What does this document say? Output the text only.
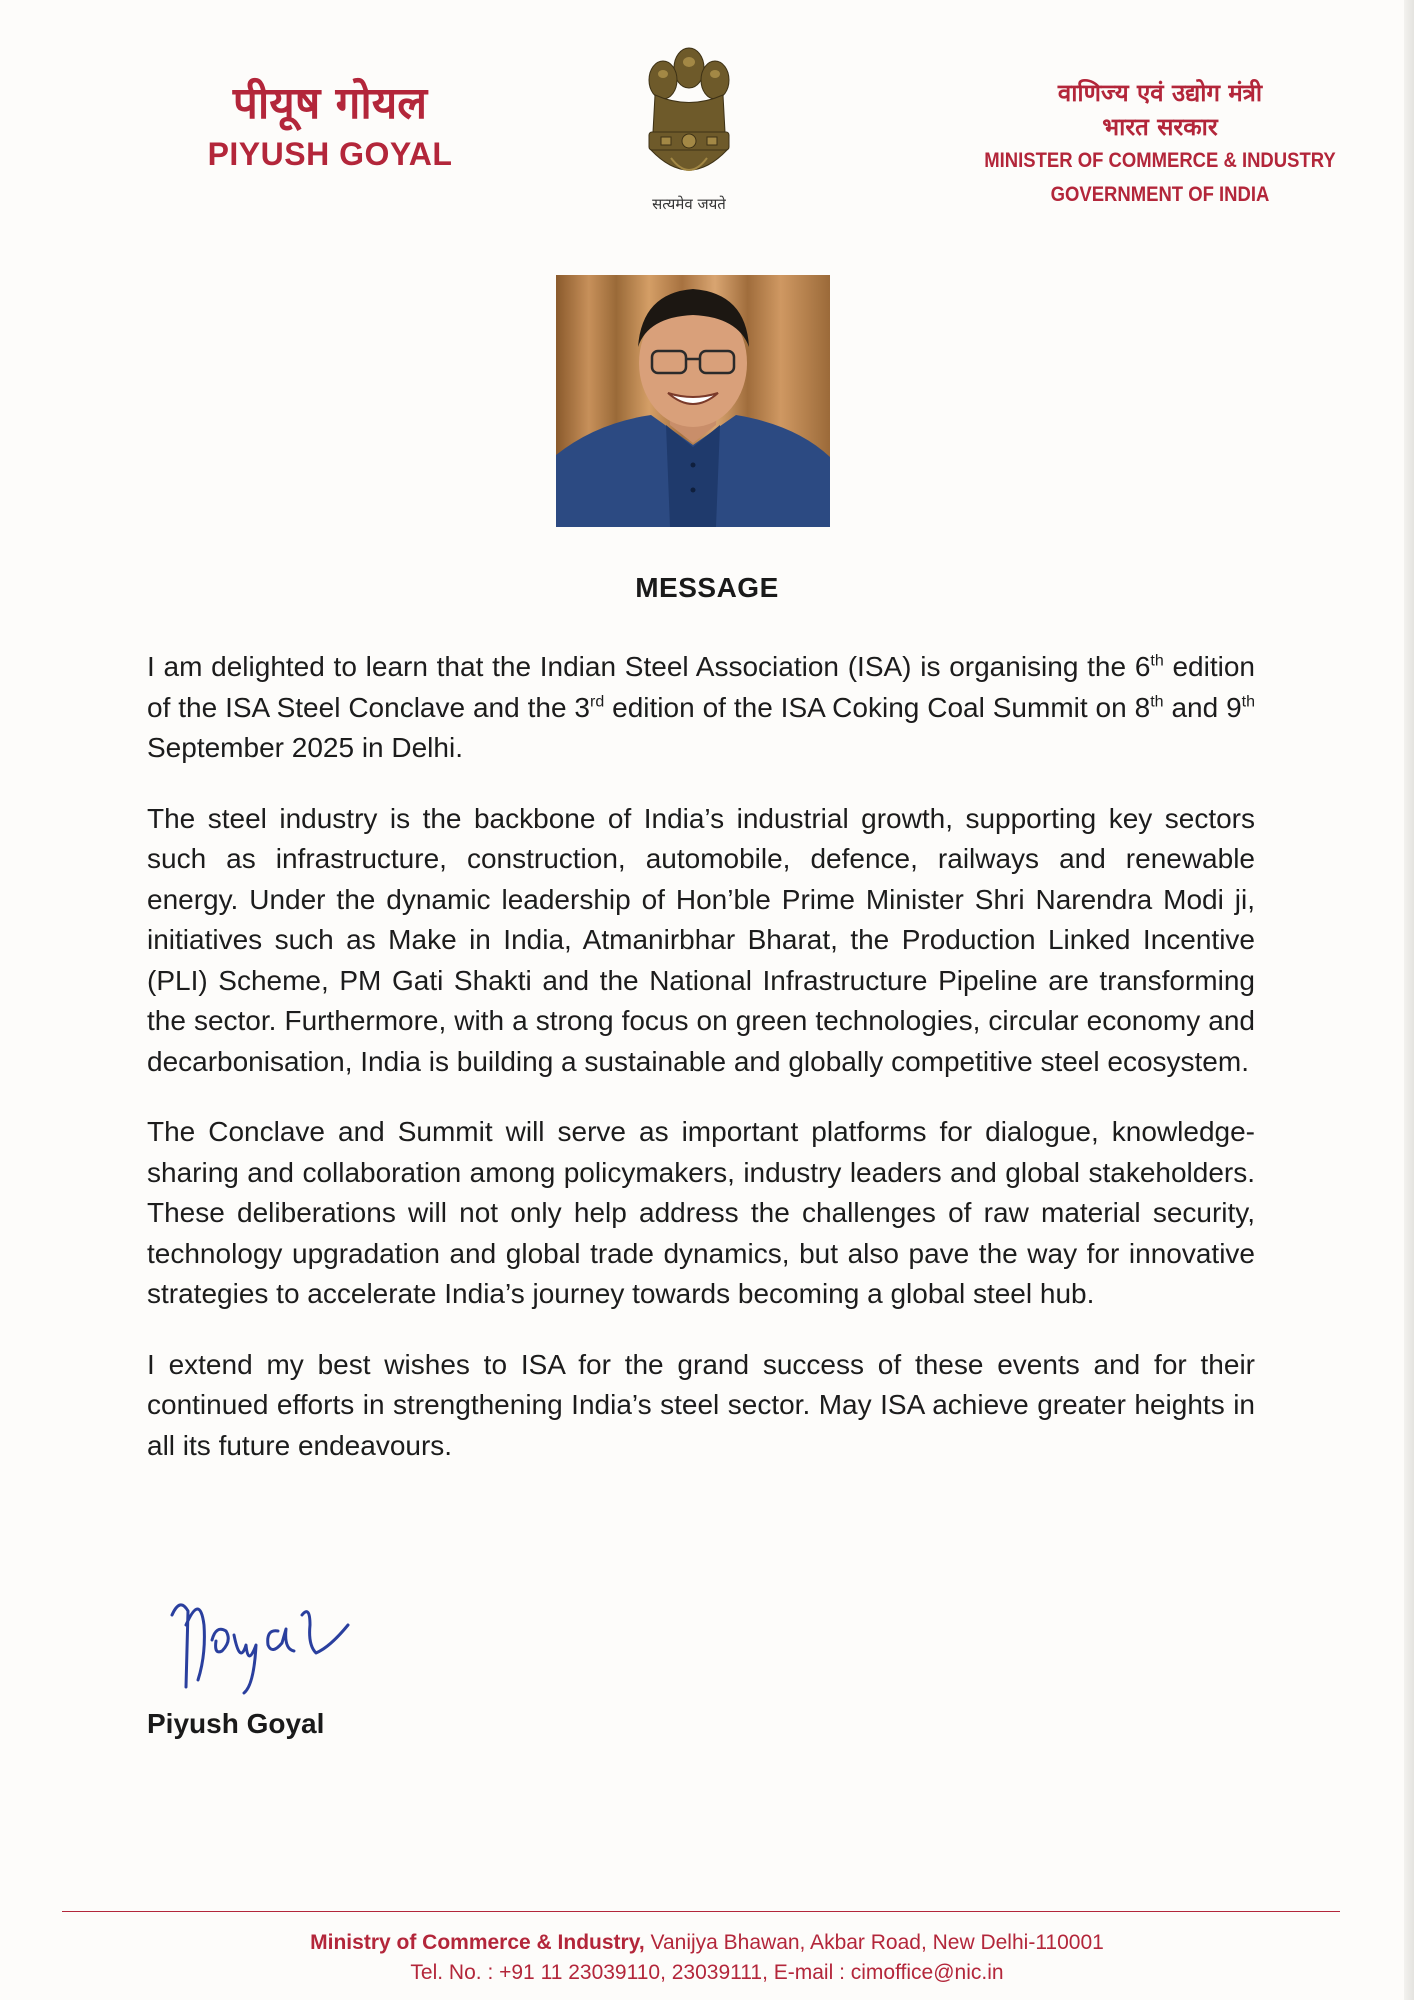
पीयूष गोयल
PIYUSH GOYAL
सत्यमेव जयते
वाणिज्य एवं उद्योग मंत्री
भारत सरकार
MINISTER OF COMMERCE & INDUSTRY
GOVERNMENT OF INDIA
MESSAGE

I am delighted to learn that the Indian Steel Association (ISA) is organising the 6th edition of the ISA Steel Conclave and the 3rd edition of the ISA Coking Coal Summit on 8th and 9th September 2025 in Delhi.

The steel industry is the backbone of India’s industrial growth, supporting key sectors such as infrastructure, construction, automobile, defence, railways and renewable energy. Under the dynamic leadership of Hon’ble Prime Minister Shri Narendra Modi ji, initiatives such as Make in India, Atmanirbhar Bharat, the Production Linked Incentive (PLI) Scheme, PM Gati Shakti and the National Infrastructure Pipeline are transforming the sector. Furthermore, with a strong focus on green technologies, circular economy and decarbonisation, India is building a sustainable and globally competitive steel ecosystem.

The Conclave and Summit will serve as important platforms for dialogue, knowledge-sharing and collaboration among policymakers, industry leaders and global stakeholders. These deliberations will not only help address the challenges of raw material security, technology upgradation and global trade dynamics, but also pave the way for innovative strategies to accelerate India’s journey towards becoming a global steel hub.

I extend my best wishes to ISA for the grand success of these events and for their continued efforts in strengthening India’s steel sector. May ISA achieve greater heights in all its future endeavours.

Piyush Goyal
Ministry of Commerce & Industry, Vanijya Bhawan, Akbar Road, New Delhi-110001
Tel. No. : +91 11 23039110, 23039111, E-mail : cimoffice@nic.in
